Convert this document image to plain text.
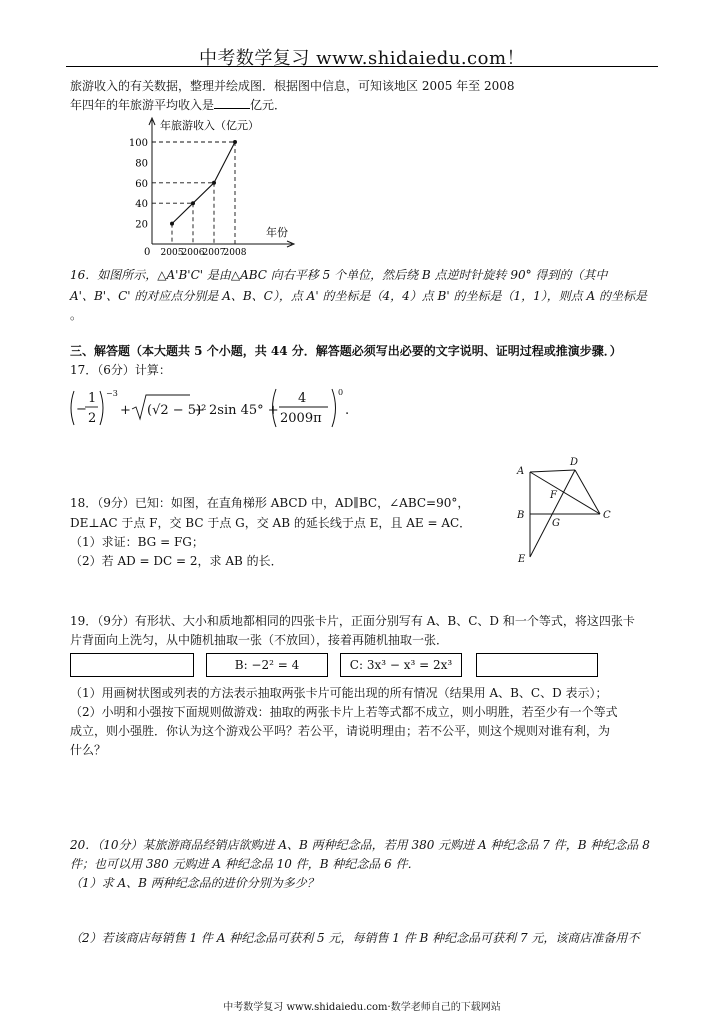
中考数学复习 www.shidaiedu.com！
旅游收入的有关数据，整理并绘成图．根据图中信息，可知该地区 2005 年至 2008
年四年的年旅游平均收入是	亿元．
年旅游收入（亿元）
年份
0
20
40
60
80
100
2005
2006
2007
2008
16．如图所示，△A'B'C' 是由△ABC 向右平移 5 个单位，然后绕 B 点逆时针旋转 90° 得到的（其中
A'、B'、C' 的对应点分别是 A、B、C），点 A' 的坐标是（4，4）点 B' 的坐标是（1，1），则点 A 的坐标是
。
三、解答题（本大题共 5 个小题，共 44 分．解答题必须写出必要的文字说明、证明过程或推演步骤．）
17．（6分）计算：
−
1
2
−3
+ (√2 − 5)²
+ 2sin 45° +
4
2009π
0
.
18．（9分）已知：如图，在直角梯形 ABCD 中，AD∥BC，∠ABC=90°，
DE⊥AC 于点 F，交 BC 于点 G，交 AB 的延长线于点 E，且 AE = AC．
（1）求证：BG = FG；
（2）若 AD = DC = 2，求 AB 的长．
A
D
B	C
F
G
E
19．（9分）有形状、大小和质地都相同的四张卡片，正面分别写有 A、B、C、D 和一个等式，将这四张卡
片背面向上洗匀，从中随机抽取一张（不放回），接着再随机抽取一张．
B: −2² = 4	C: 3x³ − x³ = 2x³
（1）用画树状图或列表的方法表示抽取两张卡片可能出现的所有情况（结果用 A、B、C、D 表示）；
（2）小明和小强按下面规则做游戏：抽取的两张卡片上若等式都不成立，则小明胜，若至少有一个等式
成立，则小强胜．你认为这个游戏公平吗？若公平，请说明理由；若不公平，则这个规则对谁有利，为
什么？
20．（10分）某旅游商品经销店欲购进 A、B 两种纪念品，若用 380 元购进 A 种纪念品 7 件，B 种纪念品 8
件；也可以用 380 元购进 A 种纪念品 10 件，B 种纪念品 6 件．
（1）求 A、B 两种纪念品的进价分别为多少？
（2）若该商店每销售 1 件 A 种纪念品可获利 5 元，每销售 1 件 B 种纪念品可获利 7 元，该商店准备用不
中考数学复习 www.shidaiedu.com·数学老师自己的下载网站
